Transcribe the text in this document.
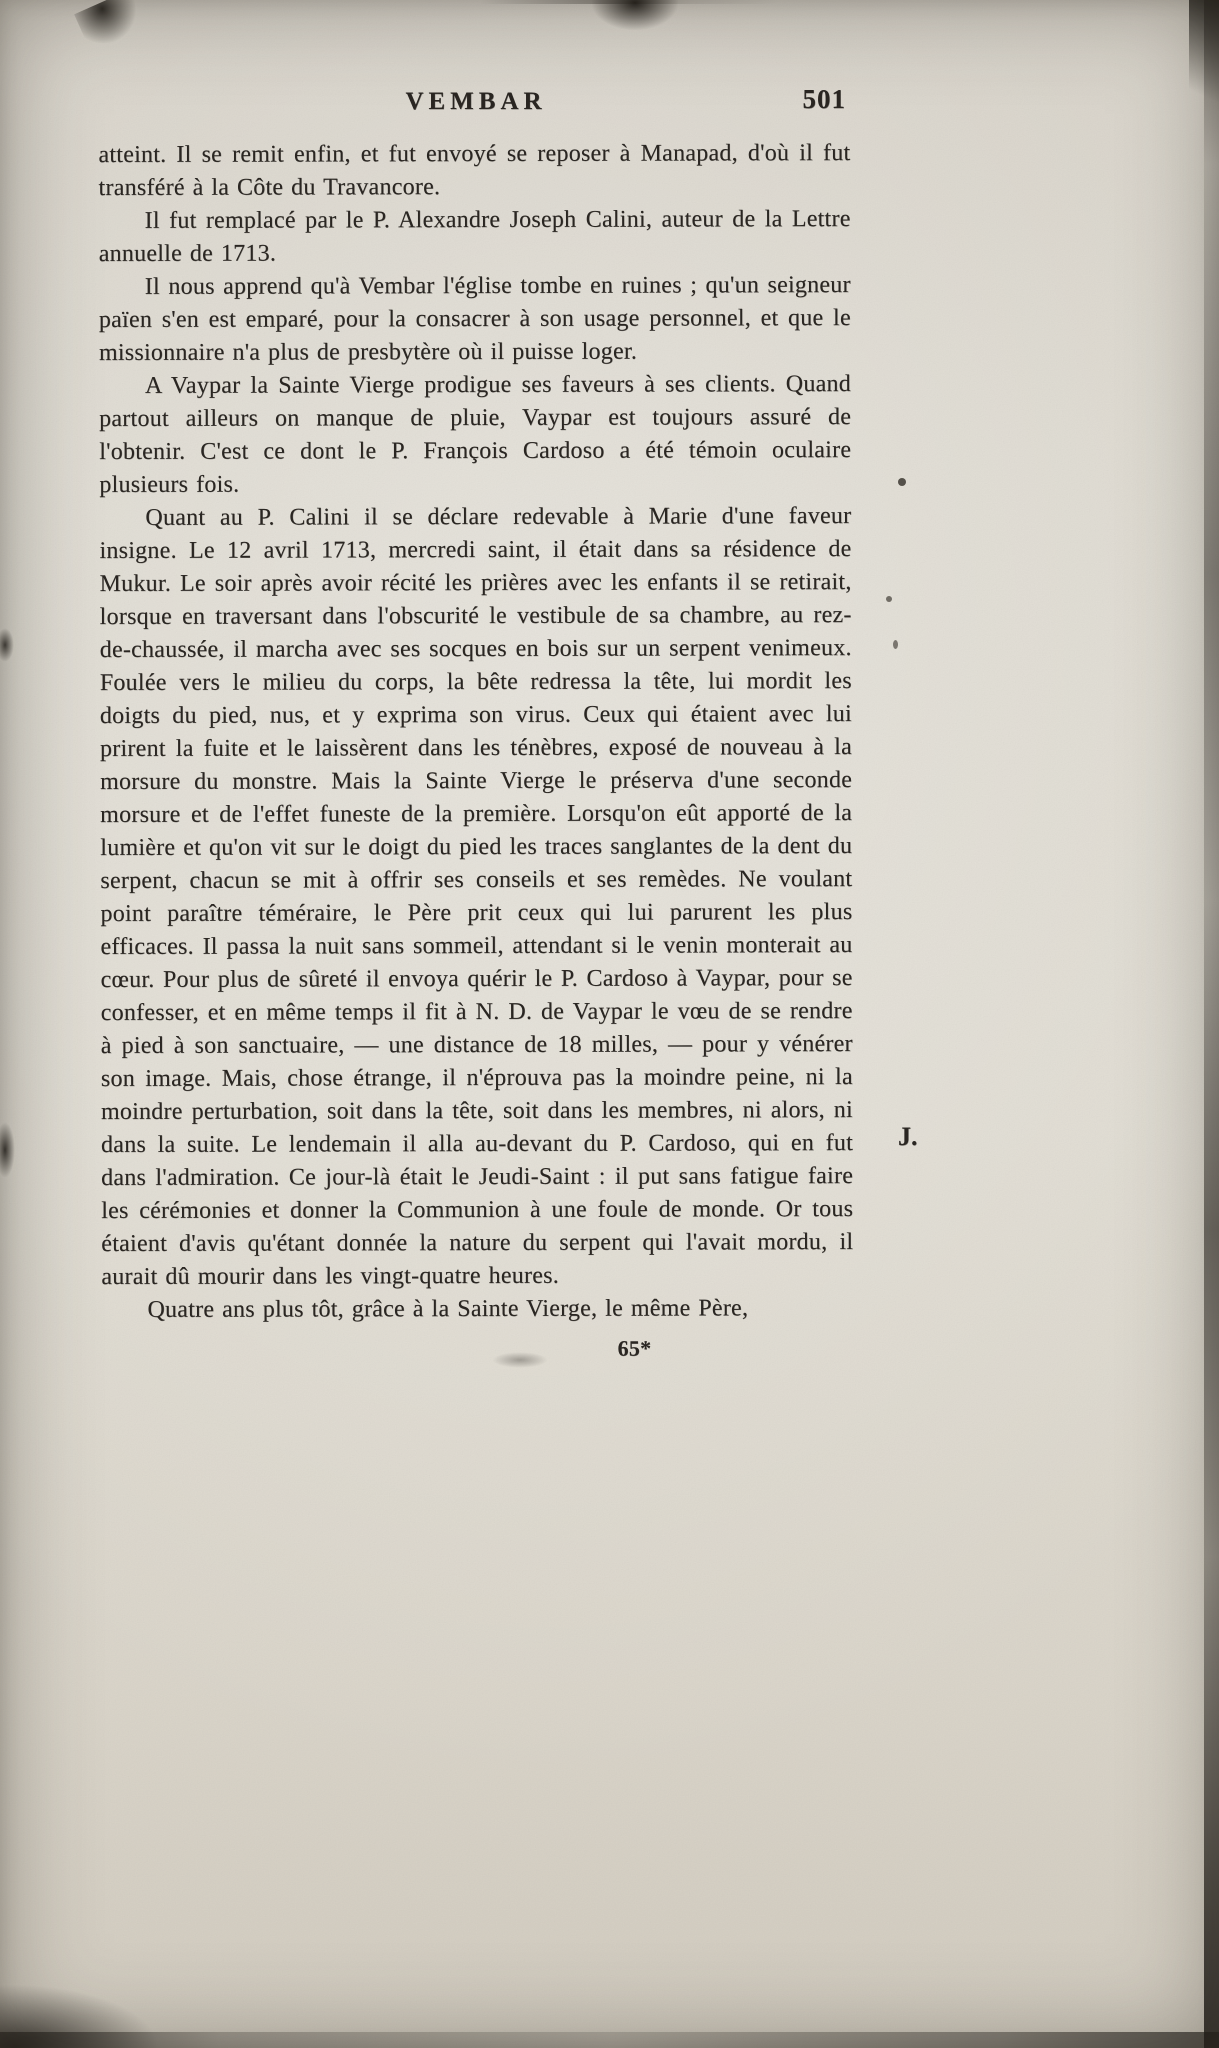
VEMBAR	501

atteint. Il se remit enfin, et fut envoyé se reposer à Manapad, d'où il fut transféré à la Côte du Travancore.

Il fut remplacé par le P. Alexandre Joseph Calini, auteur de la Lettre annuelle de 1713.

Il nous apprend qu'à Vembar l'église tombe en ruines ; qu'un seigneur païen s'en est emparé, pour la consacrer à son usage personnel, et que le missionnaire n'a plus de presbytère où il puisse loger.

A Vaypar la Sainte Vierge prodigue ses faveurs à ses clients. Quand partout ailleurs on manque de pluie, Vaypar est toujours assuré de l'obtenir. C'est ce dont le P. François Cardoso a été témoin oculaire plusieurs fois.

Quant au P. Calini il se déclare redevable à Marie d'une faveur insigne. Le 12 avril 1713, mercredi saint, il était dans sa résidence de Mukur. Le soir après avoir récité les prières avec les enfants il se retirait, lorsque en traversant dans l'obscurité le vestibule de sa chambre, au rez-de-chaussée, il marcha avec ses socques en bois sur un serpent venimeux. Foulée vers le milieu du corps, la bête redressa la tête, lui mordit les doigts du pied, nus, et y exprima son virus. Ceux qui étaient avec lui prirent la fuite et le laissèrent dans les ténèbres, exposé de nouveau à la morsure du monstre. Mais la Sainte Vierge le préserva d'une seconde morsure et de l'effet funeste de la première. Lorsqu'on eût apporté de la lumière et qu'on vit sur le doigt du pied les traces sanglantes de la dent du serpent, chacun se mit à offrir ses conseils et ses remèdes. Ne voulant point paraître téméraire, le Père prit ceux qui lui parurent les plus efficaces. Il passa la nuit sans sommeil, attendant si le venin monterait au cœur. Pour plus de sûreté il envoya quérir le P. Cardoso à Vaypar, pour se confesser, et en même temps il fit à N. D. de Vaypar le vœu de se rendre à pied à son sanctuaire, — une distance de 18 milles, — pour y vénérer son image. Mais, chose étrange, il n'éprouva pas la moindre peine, ni la moindre perturbation, soit dans la tête, soit dans les membres, ni alors, ni dans la suite. Le lendemain il alla au-devant du P. Cardoso, qui en fut dans l'admiration. Ce jour-là était le Jeudi-Saint : il put sans fatigue faire les cérémonies et donner la Communion à une foule de monde. Or tous étaient d'avis qu'étant donnée la nature du serpent qui l'avait mordu, il aurait dû mourir dans les vingt-quatre heures.

Quatre ans plus tôt, grâce à la Sainte Vierge, le même Père,

65*
J.
